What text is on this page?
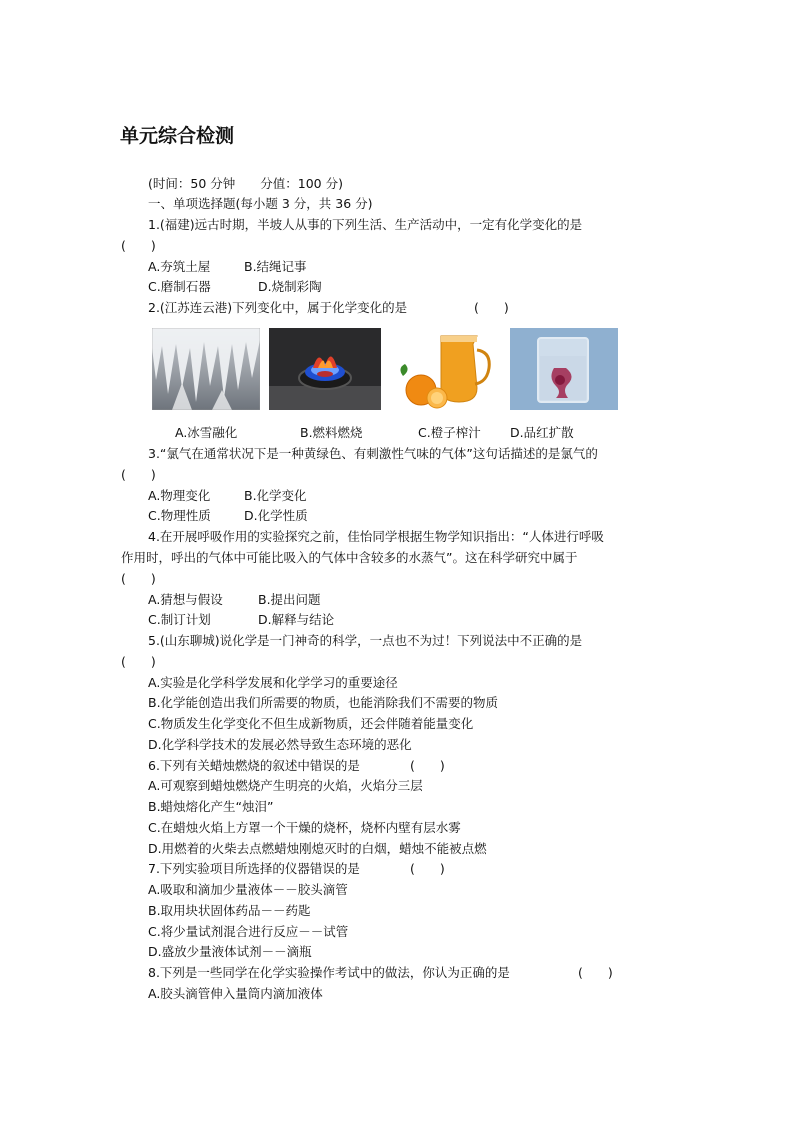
单元综合检测
(时间：50 分钟　　分值：100 分)
一、单项选择题(每小题 3 分，共 36 分)
1.(福建)远古时期，半坡人从事的下列生活、生产活动中，一定有化学变化的是
(　　)
A.夯筑土屋	B.结绳记事
C.磨制石器	D.烧制彩陶
2.(江苏连云港)下列变化中，属于化学变化的是	(　　)
A.冰雪融化	B.燃料燃烧	C.橙子榨汁 D.品红扩散
3.“氯气在通常状况下是一种黄绿色、有刺激性气味的气体”这句话描述的是氯气的
(　　)
A.物理变化	B.化学变化
C.物理性质	D.化学性质
4.在开展呼吸作用的实验探究之前，佳怡同学根据生物学知识指出：“人体进行呼吸
作用时，呼出的气体中可能比吸入的气体中含较多的水蒸气”。这在科学研究中属于
(　　)
A.猜想与假设	B.提出问题
C.制订计划	D.解释与结论
5.(山东聊城)说化学是一门神奇的科学，一点也不为过！下列说法中不正确的是
(　　)
A.实验是化学科学发展和化学学习的重要途径
B.化学能创造出我们所需要的物质，也能消除我们不需要的物质
C.物质发生化学变化不但生成新物质，还会伴随着能量变化
D.化学科学技术的发展必然导致生态环境的恶化
6.下列有关蜡烛燃烧的叙述中错误的是	(　　)
A.可观察到蜡烛燃烧产生明亮的火焰，火焰分三层
B.蜡烛熔化产生“烛泪”
C.在蜡烛火焰上方罩一个干燥的烧杯，烧杯内壁有层水雾
D.用燃着的火柴去点燃蜡烛刚熄灭时的白烟，蜡烛不能被点燃
7.下列实验项目所选择的仪器错误的是	(　　)
A.吸取和滴加少量液体－－胶头滴管
B.取用块状固体药品－－药匙
C.将少量试剂混合进行反应－－试管
D.盛放少量液体试剂－－滴瓶
8.下列是一些同学在化学实验操作考试中的做法，你认为正确的是	(　　)
A.胶头滴管伸入量筒内滴加液体
